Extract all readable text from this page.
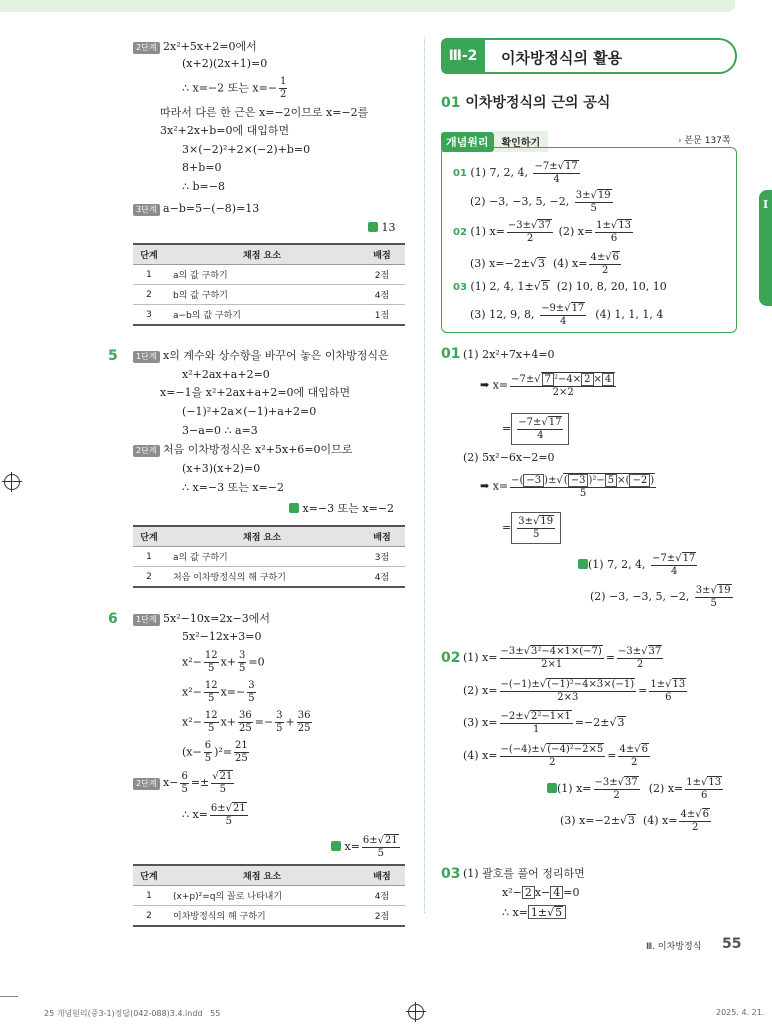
2단계 2x²+5x+2=0에서
(x+2)(2x+1)=0
∴ x=−2 또는 $x=- \frac{1}{2}$
따라서 다른 한 근은 x=−2이므로 x=−2를
3x²+2x+b=0에 대입하면
3×(−2)²+2×(−2)+b=0
8+b=0
∴ b=−8
3단계 a−b=5−(−8)=13
13
단계	채점 요소	배점
1	a의 값 구하기	2점
2	b의 값 구하기	4점
3	a−b의 값 구하기	1점
5	1단계 x의 계수와 상수항을 바꾸어 놓은 이차방정식은
x²+2ax+a+2=0
x=−1을 x²+2ax+a+2=0에 대입하면
(−1)²+2a×(−1)+a+2=0
3−a=0 ∴ a=3
2단계 처음 이차방정식은 x²+5x+6=0이므로
(x+3)(x+2)=0
∴ x=−3 또는 x=−2
x=−3 또는 x=−2
단계	채점 요소	배점
1	a의 값 구하기	3점
2	처음 이차방정식의 해 구하기	4점
6	1단계 5x²−10x=2x−3에서
5x²−12x+3=0
$x^2- \frac{12}{5} x+ \frac{3}{5} =0$
$x^2- \frac{12}{5} x=- \frac{3}{5}$
$x^2- \frac{12}{5} x+ \frac{36}{25} =- \frac{3}{5} + \frac{36}{25}$
$(x- \frac{6}{5} )^2= \frac{21}{25}$
2단계 $x- \frac{6}{5} =\pm \frac{√21}{5}$
∴ $x= \frac{6\pm√21}{5}$
$x= \frac{6\pm√21}{5}$
단계	채점 요소	배점
1	(x+p)²=q의 꼴로 나타내기	4점
2	이차방정식의 해 구하기	2점
Ⅲ-2	이차방정식의 활용
01 이차방정식의 근의 공식
개념원리 확인하기	› 본문 137쪽
01 (1) 7, 2, 4, $\frac{-7\pm√17}{4}$
(2) −3, −3, 5, −2, $\frac{3\pm√19}{5}$
02 (1) $x= \frac{-3\pm√37}{2} (2)$ $x= \frac{1\pm√13}{6}$
(3) x=−2±√3 (4) $x= \frac{4\pm√6}{2}$
03 (1) 2, 4, 1±√5 (2) 10, 8, 20, 10, 10
(3) 12, 9, 8, $\frac{-9\pm√17}{4} (4)$ 1, 1, 1, 4
01 (1) 2x²+7x+4=0
➡ $x= \frac{\text{−7±√ 7 ²−4× 2 × 4}}{2\times 2}$
= $\frac{-7\pm√17}{4}$
(2) 5x²−6x−2=0
➡ $x= \frac{\text{−( −3 )±√( −3 )²− 5 ×( −2 )}}{5}$
= $\frac{3\pm√19}{5}$
(1) 7, 2, 4, $\frac{-7\pm√17}{4}$
(2) −3, −3, 5, −2, $\frac{3\pm√19}{5}$
02 (1) $x= \frac{\text{−3±√3²−4×1×(−7)}}{2\times 1} = \frac{-3\pm√37}{2}$
(2) $x= \frac{\text{−(−1)±√(−1)²−4×3×(−1)}}{2\times 3} = \frac{1\pm√13}{6}$
(3) $x= \frac{\text{−2±√2²−1×1}}{1} =-2\pm√3$
(4) $x= \frac{\text{−(−4)±√(−4)²−2×5}}{2} = \frac{4\pm√6}{2}$
(1) $x= \frac{-3\pm√37}{2} (2)$ $x= \frac{1\pm√13}{6}$
(3) x=−2±√3 (4) $x= \frac{4\pm√6}{2}$
03 (1) 괄호를 풀어 정리하면
x²− 2 x− 4 =0
∴ x= 1±√5
I
Ⅲ. 이차방정식 55
25 개념원리(중3-1)정답(042-088)3.4.indd   55	2025. 4. 21.
